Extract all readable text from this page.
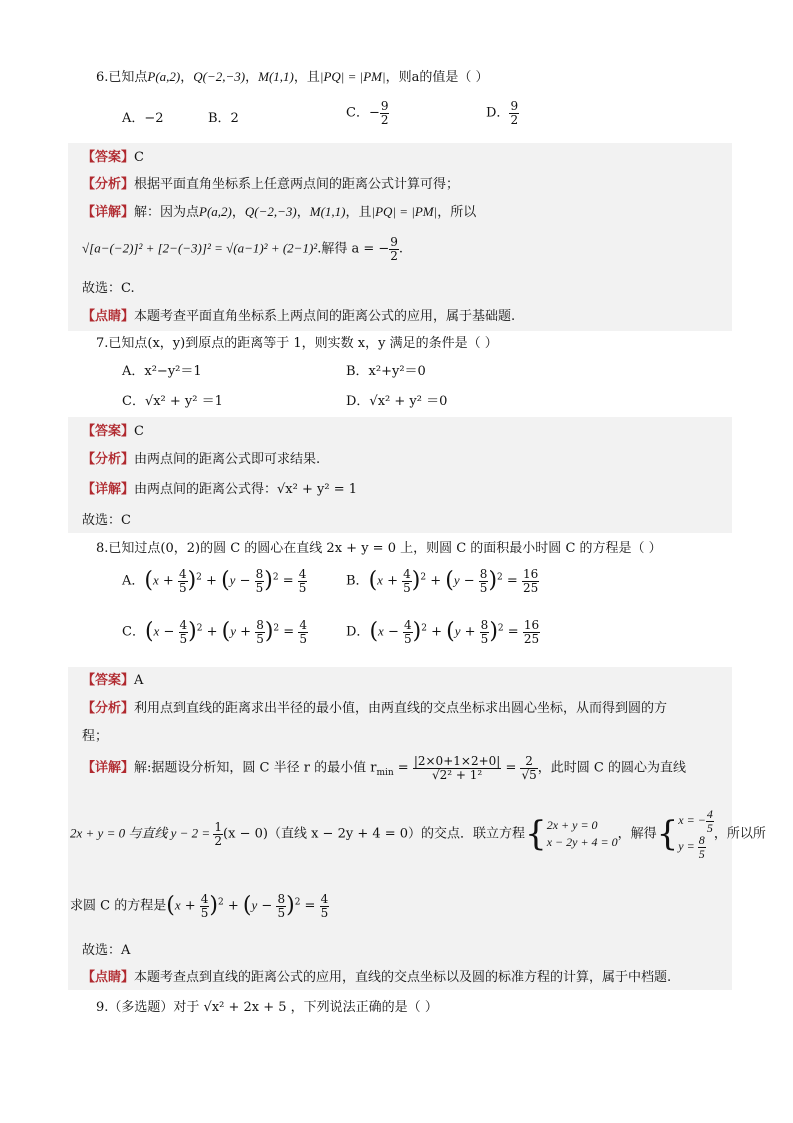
6.已知点P(a,2)，Q(−2,−3)，M(1,1)，且|PQ| = |PM|，则a的值是（ ）
A．−2	B．2	C．− $\frac{9}{2}$	D． $\frac{9}{2}$
【答案】C
【分析】根据平面直角坐标系上任意两点间的距离公式计算可得；
【详解】解：因为点P(a,2)，Q(−2,−3)，M(1,1)，且|PQ| = |PM|，所以
√[a−(−2)]² + [2−(−3)]² = √(a−1)² + (2−1)².解得 a = − $\frac{9}{2}$ .
故选：C.
【点睛】本题考查平面直角坐标系上两点间的距离公式的应用，属于基础题.
7.已知点(x，y)到原点的距离等于 1，则实数 x，y 满足的条件是（ ）
A．x²−y²＝1	B．x²+y²＝0
C．√x² + y² ＝1	D．√x² + y² ＝0
【答案】C
【分析】由两点间的距离公式即可求结果.
【详解】由两点间的距离公式得：√x² + y² = 1
故选：C
8.已知过点(0，2)的圆 C 的圆心在直线 2x + y = 0 上，则圆 C 的面积最小时圆 C 的方程是（ ）
A．$(x + \frac{4}{5} )^2 + (y - \frac{8}{5} )^2 = \frac{4}{5}$	B．$(x + \frac{4}{5} )^2 + (y - \frac{8}{5} )^2 = \frac{16}{25}$
C．$(x - \frac{4}{5} )^2 + (y + \frac{8}{5} )^2 = \frac{4}{5}$	D．$(x - \frac{4}{5} )^2 + (y + \frac{8}{5} )^2 = \frac{16}{25}$
【答案】A
【分析】利用点到直线的距离求出半径的最小值，由两直线的交点坐标求出圆心坐标，从而得到圆的方
程；
【详解】解:据题设分析知，圆 C 半径 r 的最小值 $r_{min} = \frac{|2\times 0+1\times 2+0|}{\text{√2² + 1²}} = \frac{2}{√5}$ ，此时圆 C 的圆心为直线
2x + y = 0 与直线 $y - 2 = \frac{1}{2} (x - 0)$（直线 x − 2y + 4 = 0）的交点．联立方程{ 2x + y = 0
x − 2y + 4 = 0
，解得{ x = − $\frac{4}{5}$
$y = \frac{8}{5}$ ，所以所
求圆 C 的方程是$(x + \frac{4}{5} )^2 + (y - \frac{8}{5} )^2 = \frac{4}{5}$
故选：A
【点睛】本题考查点到直线的距离公式的应用，直线的交点坐标以及圆的标准方程的计算，属于中档题.
9.（多选题）对于 √x² + 2x + 5 ，下列说法正确的是（ ）
